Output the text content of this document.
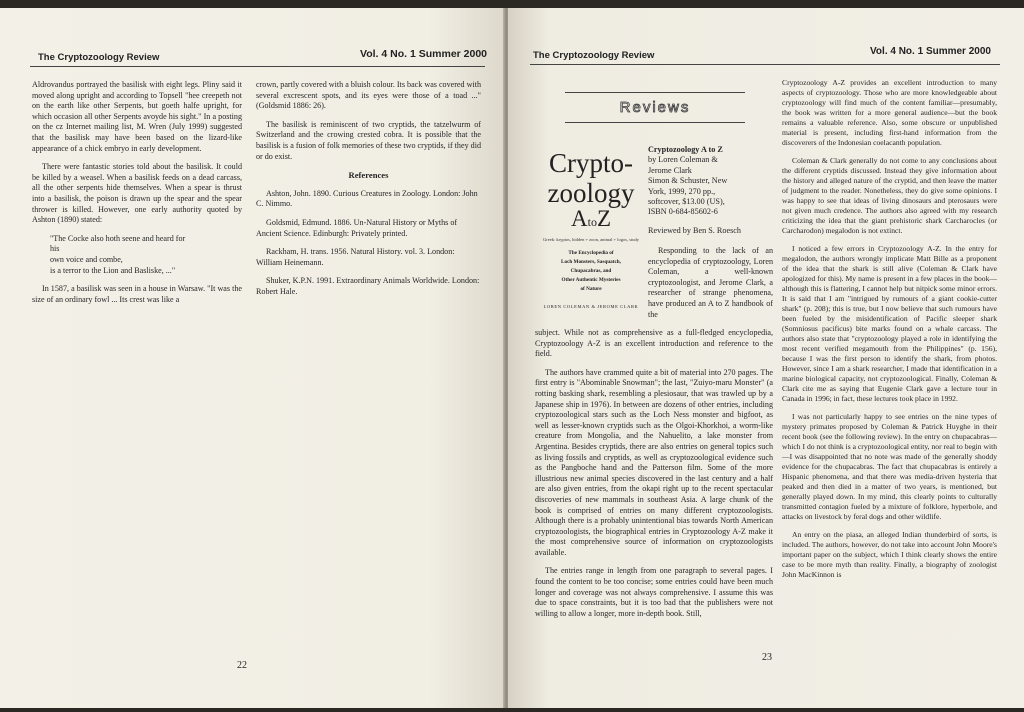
The Cryptozoology Review	Vol. 4 No. 1 Summer 2000

Aldrovandus portrayed the basilisk with eight legs. Pliny said it moved along upright and according to Topsell "hee creepeth not on the earth like other Serpents, but goeth halfe upright, for which occasion all other Serpents avoyde his sight." In a posting on the cz Internet mailing list, M. Wren (July 1999) suggested that the basilisk may have been based on the lizard-like appearance of a chick embryo in early development.

There were fantastic stories told about the basilisk. It could be killed by a weasel. When a basilisk feeds on a dead carcass, all the other serpents hide themselves. When a spear is thrust into a basilisk, the poison is drawn up the spear and the spear thrower is killed. However, one early authority quoted by Ashton (1890) stated:

"The Cocke also hoth seene and heard for
his
own voice and combe,
is a terror to the Lion and Basliske, ..."

In 1587, a basilisk was seen in a house in Warsaw. "It was the size of an ordinary fowl ... Its crest was like a

crown, partly covered with a bluish colour. Its back was covered with several excrescent spots, and its eyes were those of a toad ..." (Goldsmid 1886: 26).

The basilisk is reminiscent of two cryptids, the tatzelwurm of Switzerland and the crowing crested cobra. It is possible that the basilisk is a fusion of folk memories of these two cryptids, if they did or do exist.

References

Ashton, John. 1890. Curious Creatures in Zoology. London: John C. Nimmo.

Goldsmid, Edmund. 1886. Un-Natural History or Myths of Ancient Science. Edinburgh: Privately printed.

Rackham, H. trans. 1956. Natural History. vol. 3. London: William Heinemann.

Shuker, K.P.N. 1991. Extraordinary Animals Worldwide. London: Robert Hale.

22
The Cryptozoology Review	Vol. 4 No. 1 Summer 2000
Reviews
Crypto-
zoology
AtoZ
Greek: kryptos, hidden + zoon, animal + logos, study
The Encyclopedia of
Loch Monsters, Sasquatch,
Chupacabras, and
Other Authentic Mysteries
of Nature
LOREN COLEMAN & JEROME CLARK
Cryptozoology A to Z
by Loren Coleman &
Jerome Clark
Simon & Schuster, New
York, 1999, 270 pp.,
softcover, $13.00 (US),
ISBN 0-684-85602-6
Reviewed by Ben S. Roesch

Responding to the lack of an encyclopedia of cryptozoology, Loren Coleman, a well-known cryptozoologist, and Jerome Clark, a researcher of strange phenomena, have produced an A to Z handbook of the

subject. While not as comprehensive as a full-fledged encyclopedia, Cryptozoology A-Z is an excellent introduction and reference to the field.

The authors have crammed quite a bit of material into 270 pages. The first entry is "Abominable Snowman"; the last, "Zuiyo-maru Monster" (a rotting basking shark, resembling a plesiosaur, that was trawled up by a Japanese ship in 1976). In between are dozens of other entries, including cryptozoological stars such as the Loch Ness monster and bigfoot, as well as lesser-known cryptids such as the Olgoi-Khorkhoi, a worm-like creature from Mongolia, and the Nahuelito, a lake monster from Argentina. Besides cryptids, there are also entries on general topics such as living fossils and cryptids, as well as cryptozoological evidence such as the Pangboche hand and the Patterson film. Some of the more illustrious new animal species discovered in the last century and a half are also given entries, from the okapi right up to the recent spectacular discoveries of new mammals in southeast Asia. A large chunk of the book is comprised of entries on many different cryptozoologists. Although there is a probably unintentional bias towards North American cryptozoologists, the biographical entries in Cryptozoology A-Z make it the most comprehensive source of information on cryptozoologists available.

The entries range in length from one paragraph to several pages. I found the content to be too concise; some entries could have been much longer and coverage was not always comprehensive. I assume this was due to space constraints, but it is too bad that the publishers were not willing to allow a longer, more in-depth book. Still,

Cryptozoology A-Z provides an excellent introduction to many aspects of cryptozoology. Those who are more knowledgeable about cryptozoology will find much of the content familiar—presumably, the book was written for a more general audience—but the book remains a valuable reference. Also, some obscure or unpublished material is present, including first-hand information from the discoverers of the Indonesian coelacanth population.

Coleman & Clark generally do not come to any conclusions about the different cryptids discussed. Instead they give information about the history and alleged nature of the cryptid, and then leave the matter of judgment to the reader. Nonetheless, they do give some opinions. I was happy to see that ideas of living dinosaurs and pterosaurs were not given much credence. The authors also agreed with my research criticizing the idea that the giant prehistoric shark Carcharocles (or Carcharodon) megalodon is not extinct.

I noticed a few errors in Cryptozoology A-Z. In the entry for megalodon, the authors wrongly implicate Matt Bille as a proponent of the idea that the shark is still alive (Coleman & Clark have apologized for this). My name is present in a few places in the book—although this is flattering, I cannot help but nitpick some minor errors. It is said that I am "intrigued by rumours of a giant cookie-cutter shark" (p. 208); this is true, but I now believe that such rumours have been fueled by the misidentification of Pacific sleeper shark (Somniosus pacificus) bite marks found on a whale carcass. The authors also state that "cryptozoology played a role in identifying the most recent verified megamouth from the Philippines" (p. 156), because I was the first person to identify the shark, from photos. However, since I am a shark researcher, I made that identification in a marine biological capacity, not cryptozoological. Finally, Coleman & Clark cite me as saying that Eugenie Clark gave a lecture tour in Canada in 1996; in fact, these lectures took place in 1992.

I was not particularly happy to see entries on the nine types of mystery primates proposed by Coleman & Patrick Huyghe in their recent book (see the following review). In the entry on chupacabras—which I do not think is a cryptozoological entity, nor real to begin with—I was disappointed that no note was made of the generally shoddy evidence for the chupacabras. The fact that chupacabras is entirely a Hispanic phenomena, and that there was media-driven hysteria that peaked and then died in a matter of two years, is mentioned, but generally played down. In my mind, this clearly points to culturally transmitted contagion fueled by a mixture of folklore, hyperbole, and attacks on livestock by feral dogs and other wildlife.

An entry on the piasa, an alleged Indian thunderbird of sorts, is included. The authors, however, do not take into account John Moore's important paper on the subject, which I think clearly shows the entire case to be more myth than reality. Finally, a biography of zoologist John MacKinnon is

23
